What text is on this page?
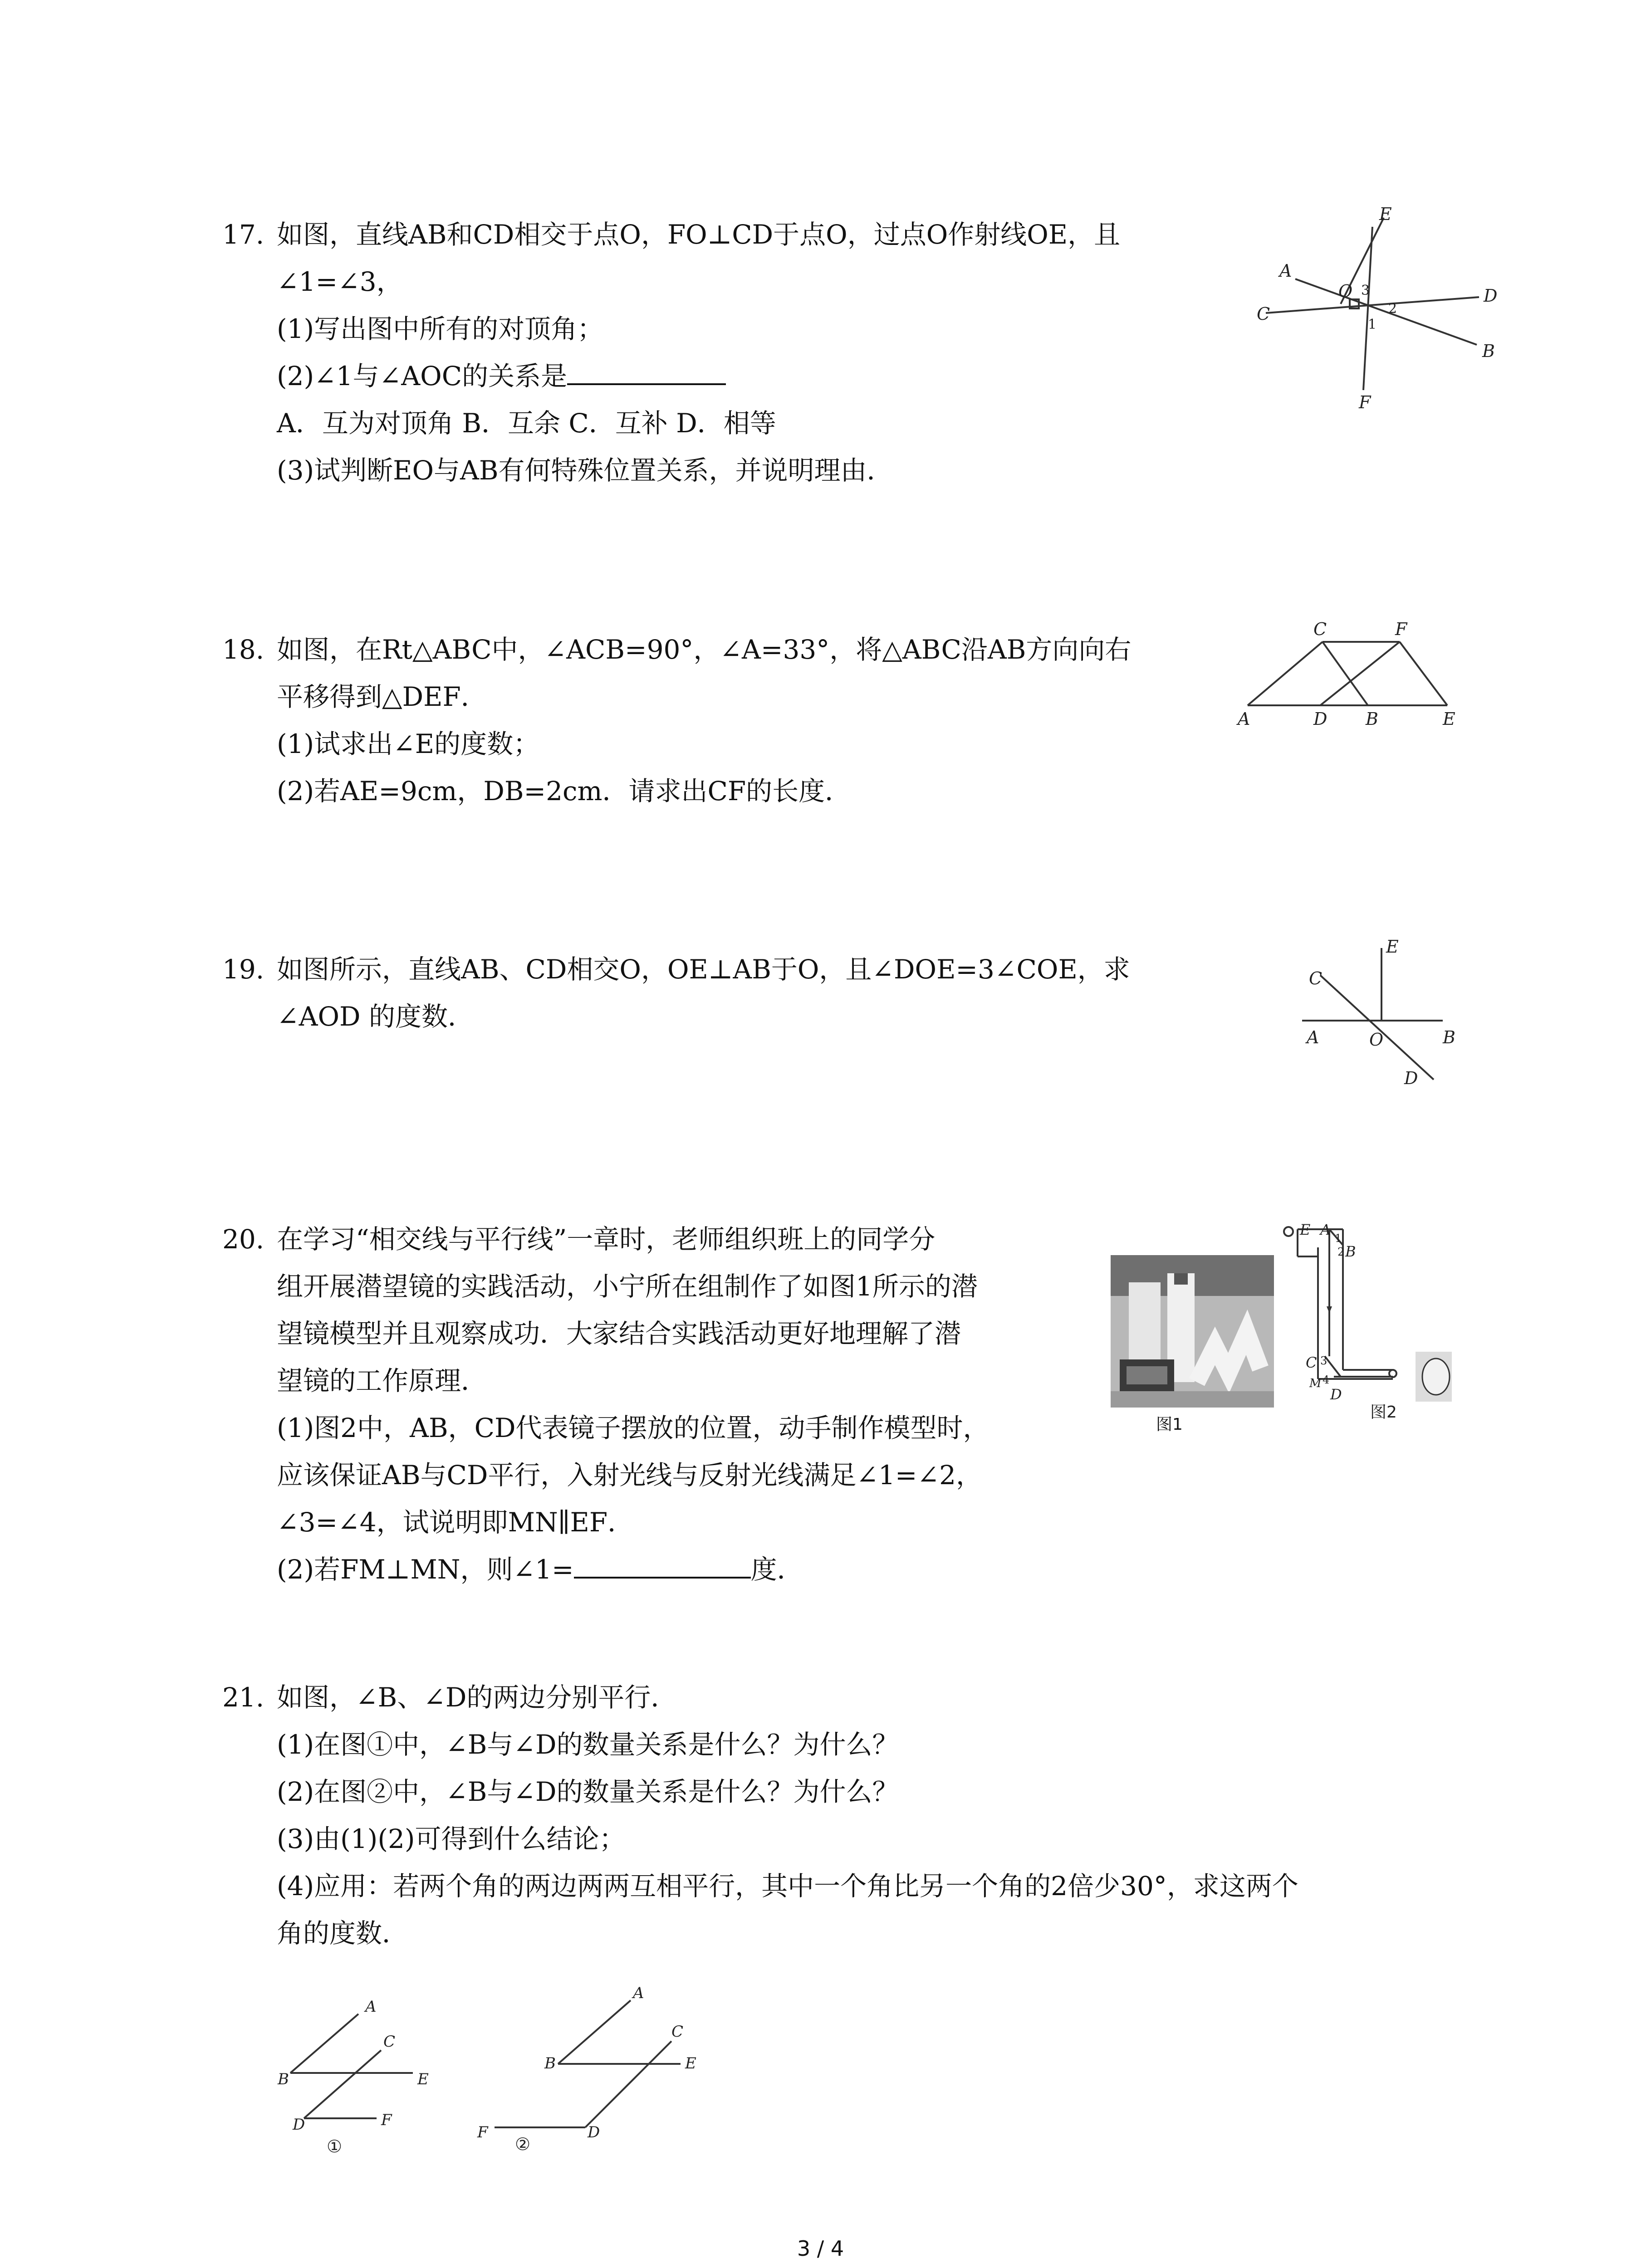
17. 如图，直线AB和CD相交于点O，FO⊥CD于点O，过点O作射线OE，且
∠1=∠3，
(1)写出图中所有的对顶角；
(2)∠1与∠AOC的关系是
A．互为对顶角 B．互余 C．互补 D．相等
(3)试判断EO与AB有何特殊位置关系，并说明理由．
A
B
C
D
E
F
O
1
2
3
18. 如图，在Rt△ABC中，∠ACB=90°，∠A=33°，将△ABC沿AB方向向右
平移得到△DEF．
(1)试求出∠E的度数；
(2)若AE=9cm，DB=2cm．请求出CF的长度．
A	B
C
D	E
F
19. 如图所示，直线AB、CD相交O，OE⊥AB于O，且∠DOE=3∠COE，求
∠AOD 的度数．
A	B
C
D
E
O
20. 在学习“相交线与平行线”一章时，老师组织班上的同学分
组开展潜望镜的实践活动，小宁所在组制作了如图1所示的潜
望镜模型并且观察成功．大家结合实践活动更好地理解了潜
望镜的工作原理．
(1)图2中，AB，CD代表镜子摆放的位置，动手制作模型时，
应该保证AB与CD平行，入射光线与反射光线满足∠1=∠2，
∠3=∠4，试说明即MN∥EF．
(2)若FM⊥MN，则∠1=	度．
图1
E A
B
C
D
M
1
2
3
4
图2
21. 如图，∠B、∠D的两边分别平行．
(1)在图①中，∠B与∠D的数量关系是什么？为什么？
(2)在图②中，∠B与∠D的数量关系是什么？为什么？
(3)由(1)(2)可得到什么结论；
(4)应用：若两个角的两边两两互相平行，其中一个角比另一个角的2倍少30°，求这两个
角的度数．
A
B
C
D
E
F
①
A
B
C
D
E
F
②
3 / 4
